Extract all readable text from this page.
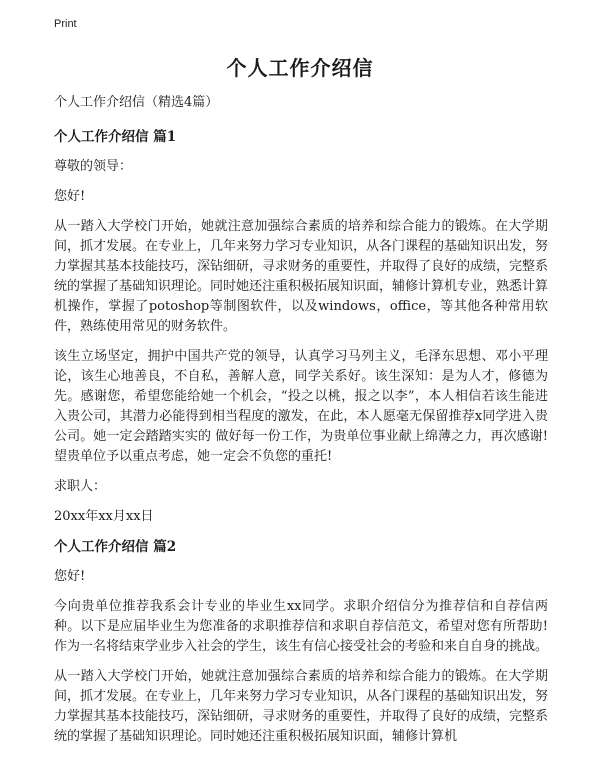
Print
个人工作介绍信

个人工作介绍信（精选4篇）

个人工作介绍信 篇1

尊敬的领导：

您好!

从一踏入大学校门开始，她就注意加强综合素质的培养和综合能力的锻炼。在大学期间，抓才发展。在专业上，几年来努力学习专业知识，从各门课程的基础知识出发，努力掌握其基本技能技巧，深钻细研，寻求财务的重要性，并取得了良好的成绩，完整系统的掌握了基础知识理论。同时她还注重积极拓展知识面，辅修计算机专业，熟悉计算机操作，掌握了potoshop等制图软件，以及windows，office，等其他各种常用软件，熟练使用常见的财务软件。

该生立场坚定，拥护中国共产党的领导，认真学习马列主义，毛泽东思想、邓小平理论，该生心地善良，不自私，善解人意，同学关系好。该生深知：是为人才，修德为先。感谢您，希望您能给她一个机会，“投之以桃，报之以李”，本人相信若该生能进入贵公司，其潜力必能得到相当程度的激发，在此，本人愿毫无保留推荐x同学进入贵公司。她一定会踏踏实实的 做好每一份工作，为贵单位事业献上绵薄之力，再次感谢!望贵单位予以重点考虑，她一定会不负您的重托!

求职人：

20xx年xx月xx日

个人工作介绍信 篇2

您好!

今向贵单位推荐我系会计专业的毕业生xx同学。求职介绍信分为推荐信和自荐信两种。以下是应届毕业生为您准备的求职推荐信和求职自荐信范文，希望对您有所帮助!作为一名将结束学业步入社会的学生，该生有信心接受社会的考验和来自自身的挑战。

从一踏入大学校门开始，她就注意加强综合素质的培养和综合能力的锻炼。在大学期间，抓才发展。在专业上，几年来努力学习专业知识，从各门课程的基础知识出发，努力掌握其基本技能技巧，深钻细研，寻求财务的重要性，并取得了良好的成绩，完整系统的掌握了基础知识理论。同时她还注重积极拓展知识面，辅修计算机
